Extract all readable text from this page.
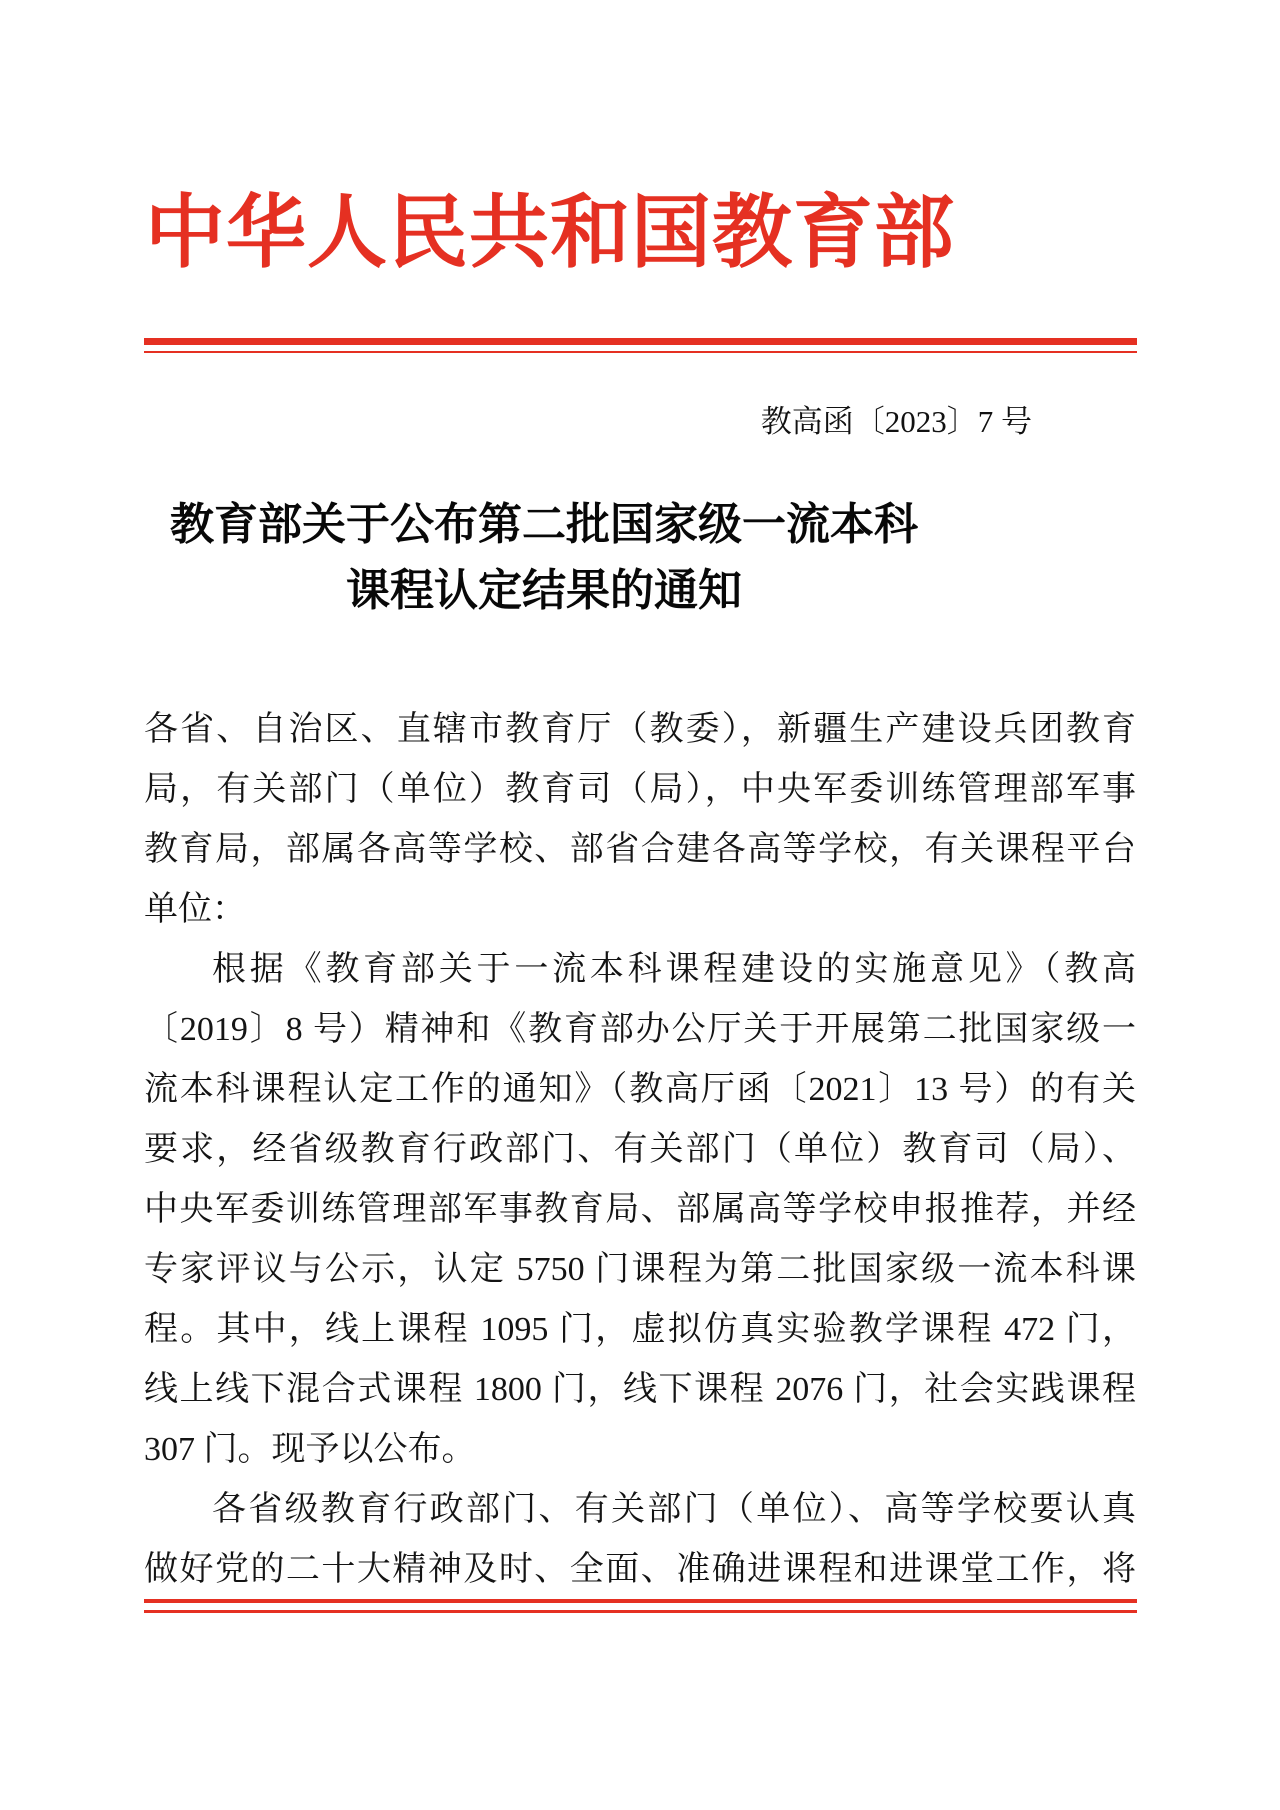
中华人民共和国教育部
教高函〔2023〕7 号
教育部关于公布第二批国家级一流本科
课程认定结果的通知
各省、自治区、直辖市教育厅（教委），新疆生产建设兵团教育
局，有关部门（单位）教育司（局），中央军委训练管理部军事
教育局，部属各高等学校、部省合建各高等学校，有关课程平台
单位：
根据《教育部关于一流本科课程建设的实施意见》（教高
〔2019〕8 号）精神和《教育部办公厅关于开展第二批国家级一
流本科课程认定工作的通知》（教高厅函〔2021〕13 号）的有关
要求，经省级教育行政部门、有关部门（单位）教育司（局）、
中央军委训练管理部军事教育局、部属高等学校申报推荐，并经
专家评议与公示，认定 5750 门课程为第二批国家级一流本科课
程。其中，线上课程 1095 门，虚拟仿真实验教学课程 472 门，
线上线下混合式课程 1800 门，线下课程 2076 门，社会实践课程
307 门。现予以公布。
各省级教育行政部门、有关部门（单位）、高等学校要认真
做好党的二十大精神及时、全面、准确进课程和进课堂工作，将
